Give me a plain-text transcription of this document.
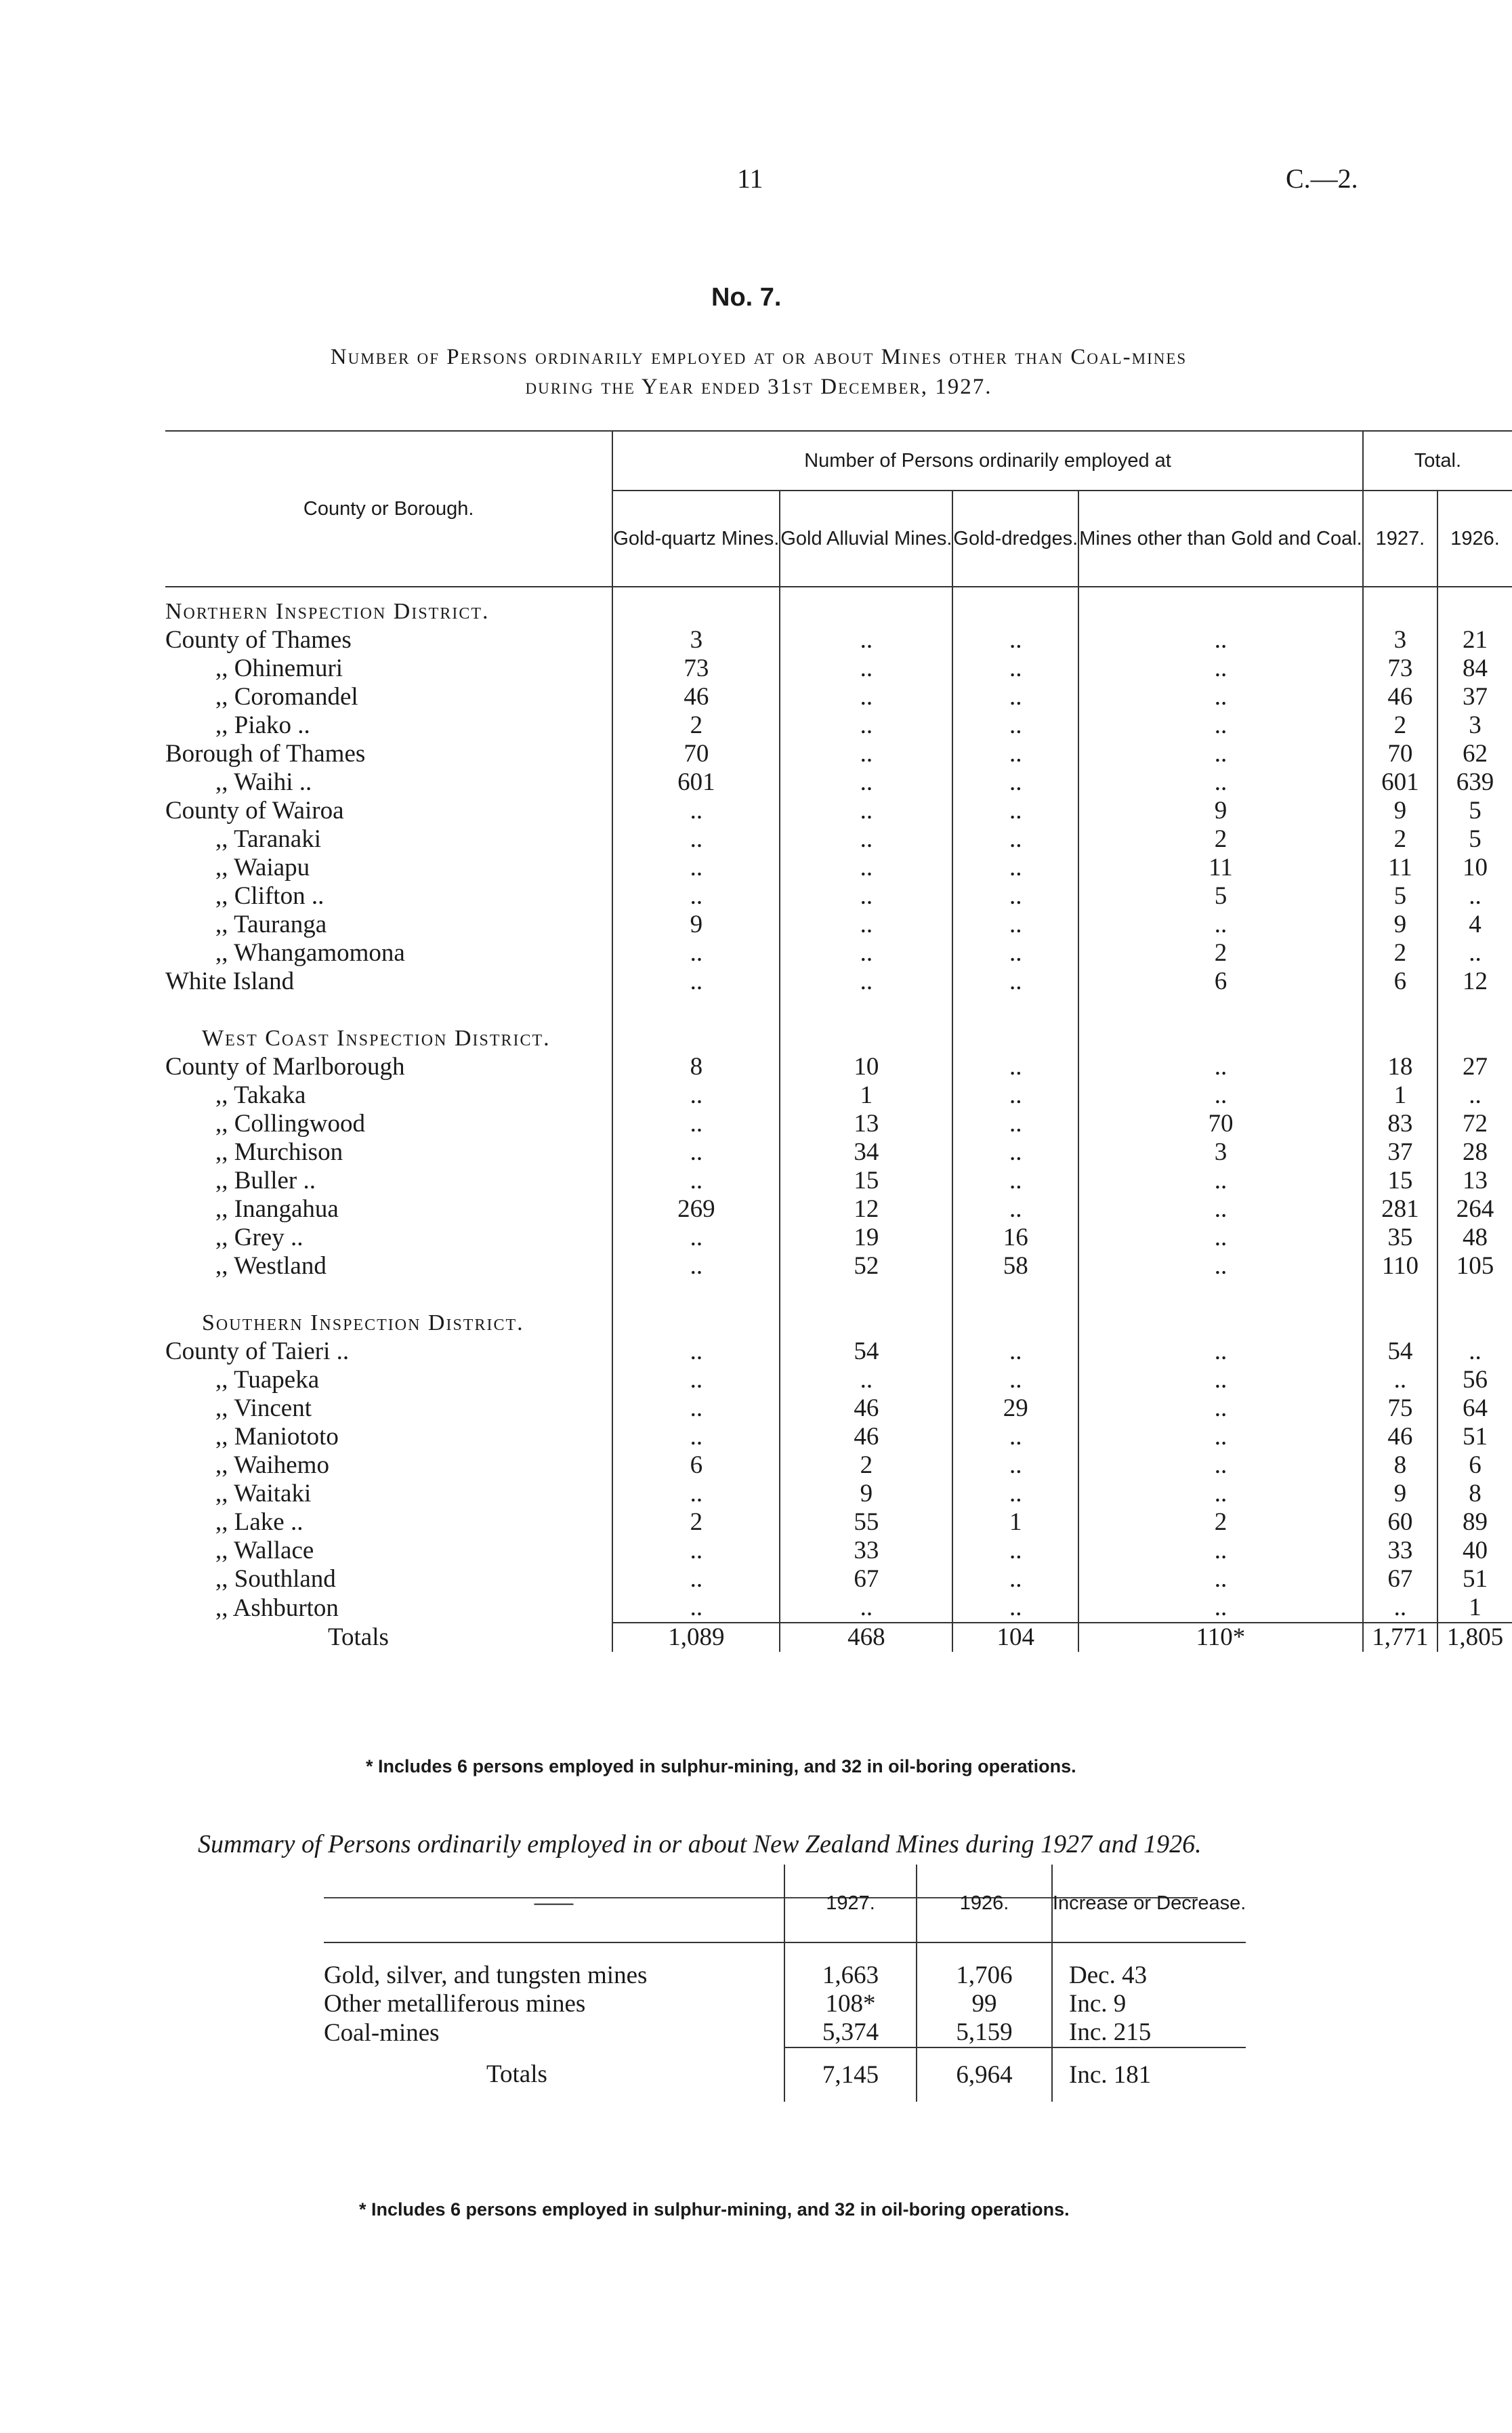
11	C.—2.
No. 7.
Number of Persons ordinarily employed at or about Mines other than Coal-mines
during the Year ended 31st December, 1927.
County or Borough.	Number of Persons ordinarily employed at				Total.	
	Gold-quartz Mines.	Gold Alluvial Mines.	Gold-dredges.	Mines other than Gold and Coal.	1927.	1926.
Northern Inspection District.						
County of Thames	3	..	..	..	3	21
,, Ohinemuri	73	..	..	..	73	84
,, Coromandel	46	..	..	..	46	37
,, Piako ..	2	..	..	..	2	3
Borough of Thames	70	..	..	..	70	62
,, Waihi ..	601	..	..	..	601	639
County of Wairoa	..	..	..	9	9	5
,, Taranaki	..	..	..	2	2	5
,, Waiapu	..	..	..	11	11	10
,, Clifton ..	..	..	..	5	5	..
,, Tauranga	9	..	..	..	9	4
,, Whangamomona	..	..	..	2	2	..
White Island	..	..	..	6	6	12
West Coast Inspection District.						
County of Marlborough	8	10	..	..	18	27
,, Takaka	..	1	..	..	1	..
,, Collingwood	..	13	..	70	83	72
,, Murchison	..	34	..	3	37	28
,, Buller ..	..	15	..	..	15	13
,, Inangahua	269	12	..	..	281	264
,, Grey ..	..	19	16	..	35	48
,, Westland	..	52	58	..	110	105
Southern Inspection District.						
County of Taieri ..	..	54	..	..	54	..
,, Tuapeka	..	..	..	..	..	56
,, Vincent	..	46	29	..	75	64
,, Maniototo	..	46	..	..	46	51
,, Waihemo	6	2	..	..	8	6
,, Waitaki	..	9	..	..	9	8
,, Lake ..	2	55	1	2	60	89
,, Wallace	..	33	..	..	33	40
,, Southland	..	67	..	..	67	51
,, Ashburton	..	..	..	..	..	1
Totals	1,089	468	104	110*	1,771	1,805
* Includes 6 persons employed in sulphur-mining, and 32 in oil-boring operations.
Summary of Persons ordinarily employed in or about New Zealand Mines during 1927 and 1926.
——	1927.	1926.	Increase or Decrease.
Gold, silver, and tungsten mines	1,663	1,706	Dec. 43
Other metalliferous mines	108*	99	Inc. 9
Coal-mines	5,374	5,159	Inc. 215
Totals	7,145	6,964	Inc. 181
* Includes 6 persons employed in sulphur-mining, and 32 in oil-boring operations.
